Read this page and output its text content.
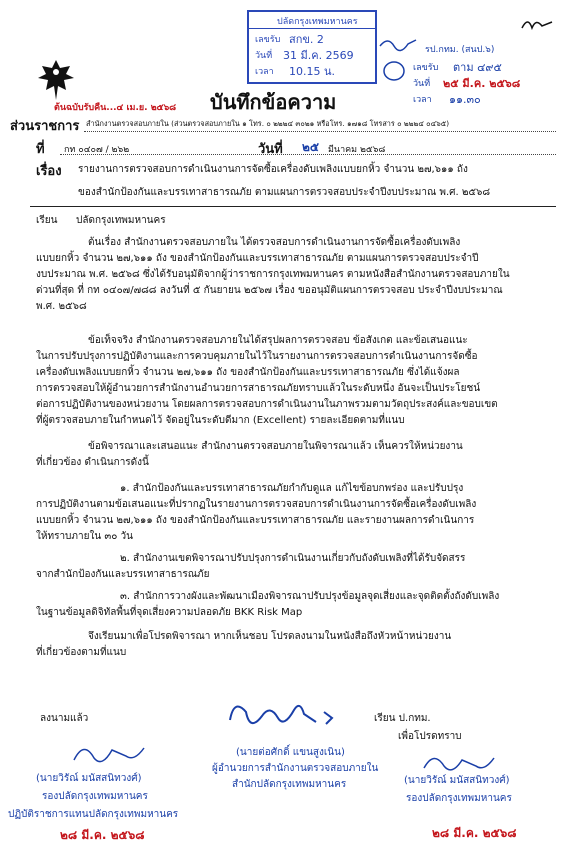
ปลัดกรุงเทพมหานคร
เลขรับ สกข. 2
วันที่ 31 มี.ค. 2569
เวลา 10.15 น.
รป.กทม. (สนป.๖)
เลขรับ ตาม ๔๙๕
วันที่ ๒๕ มี.ค. ๒๕๖๘
เวลา ๑๑.๓๐
ต้นฉบับรับคืน...๔ เม.ย. ๒๕๖๘ บันทึกข้อความ
ส่วนราชการ สำนักงานตรวจสอบภายใน (ส่วนตรวจสอบภายใน ๑ โทร. ๐ ๒๒๒๔ ๓๐๒๑ หรือโทร. ๑๗๑๘ โทรสาร ๐ ๒๒๒๔ ๐๔๖๕)
ที่ กท ๐๔๐๗ / ๒๖๒	วันที่ ๒๕ มีนาคม ๒๕๖๘
เรื่อง รายงานการตรวจสอบการดำเนินงานการจัดซื้อเครื่องดับเพลิงแบบยกหิ้ว จำนวน ๒๗,๖๑๑ ถัง
ของสำนักป้องกันและบรรเทาสาธารณภัย ตามแผนการตรวจสอบประจำปีงบประมาณ พ.ศ. ๒๕๖๘
เรียน ปลัดกรุงเทพมหานคร
ต้นเรื่อง สำนักงานตรวจสอบภายใน ได้ตรวจสอบการดำเนินงานการจัดซื้อเครื่องดับเพลิง
แบบยกหิ้ว จำนวน ๒๗,๖๑๑ ถัง ของสำนักป้องกันและบรรเทาสาธารณภัย ตามแผนการตรวจสอบประจำปี
งบประมาณ พ.ศ. ๒๕๖๘ ซึ่งได้รับอนุมัติจากผู้ว่าราชการกรุงเทพมหานคร ตามหนังสือสำนักงานตรวจสอบภายใน
ด่วนที่สุด ที่ กท ๐๔๐๗/๗๘๘ ลงวันที่ ๕ กันยายน ๒๕๖๗ เรื่อง ขออนุมัติแผนการตรวจสอบ ประจำปีงบประมาณ
พ.ศ. ๒๕๖๘
ข้อเท็จจริง สำนักงานตรวจสอบภายในได้สรุปผลการตรวจสอบ ข้อสังเกต และข้อเสนอแนะ
ในการปรับปรุงการปฏิบัติงานและการควบคุมภายในไว้ในรายงานการตรวจสอบการดำเนินงานการจัดซื้อ
เครื่องดับเพลิงแบบยกหิ้ว จำนวน ๒๗,๖๑๑ ถัง ของสำนักป้องกันและบรรเทาสาธารณภัย ซึ่งได้แจ้งผล
การตรวจสอบให้ผู้อำนวยการสำนักงานอำนวยการสาธารณภัยทราบแล้วในระดับหนึ่ง อันจะเป็นประโยชน์
ต่อการปฏิบัติงานของหน่วยงาน โดยผลการตรวจสอบการดำเนินงานในภาพรวมตามวัตถุประสงค์และขอบเขต
ที่ผู้ตรวจสอบภายในกำหนดไว้ จัดอยู่ในระดับดีมาก (Excellent) รายละเอียดตามที่แนบ
ข้อพิจารณาและเสนอแนะ สำนักงานตรวจสอบภายในพิจารณาแล้ว เห็นควรให้หน่วยงาน
ที่เกี่ยวข้อง ดำเนินการดังนี้
๑. สำนักป้องกันและบรรเทาสาธารณภัยกำกับดูแล แก้ไขข้อบกพร่อง และปรับปรุง
การปฏิบัติงานตามข้อเสนอแนะที่ปรากฏในรายงานการตรวจสอบการดำเนินงานการจัดซื้อเครื่องดับเพลิง
แบบยกหิ้ว จำนวน ๒๗,๖๑๑ ถัง ของสำนักป้องกันและบรรเทาสาธารณภัย และรายงานผลการดำเนินการ
ให้ทราบภายใน ๓๐ วัน
๒. สำนักงานเขตพิจารณาปรับปรุงการดำเนินงานเกี่ยวกับถังดับเพลิงที่ได้รับจัดสรร
จากสำนักป้องกันและบรรเทาสาธารณภัย
๓. สำนักการวางผังและพัฒนาเมืองพิจารณาปรับปรุงข้อมูลจุดเสี่ยงและจุดติดตั้งถังดับเพลิง
ในฐานข้อมูลดิจิทัลพื้นที่จุดเสี่ยงความปลอดภัย BKK Risk Map
จึงเรียนมาเพื่อโปรดพิจารณา หากเห็นชอบ โปรดลงนามในหนังสือถึงหัวหน้าหน่วยงาน
ที่เกี่ยวข้องตามที่แนบ
ลงนามแล้ว	เรียน ป.กทม.
เพื่อโปรดทราบ
(นายต่อศักดิ์ แขนสูงเนิน)
ผู้อำนวยการสำนักงานตรวจสอบภายใน
สำนักปลัดกรุงเทพมหานคร
(นายวิรัณ์ มนัสสนิทวงศ์)
รองปลัดกรุงเทพมหานคร
ปฏิบัติราชการแทนปลัดกรุงเทพมหานคร
๒๘ มี.ค. ๒๕๖๘
(นายวิรัณ์ มนัสสนิทวงศ์)
รองปลัดกรุงเทพมหานคร
๒๘ มี.ค. ๒๕๖๘
